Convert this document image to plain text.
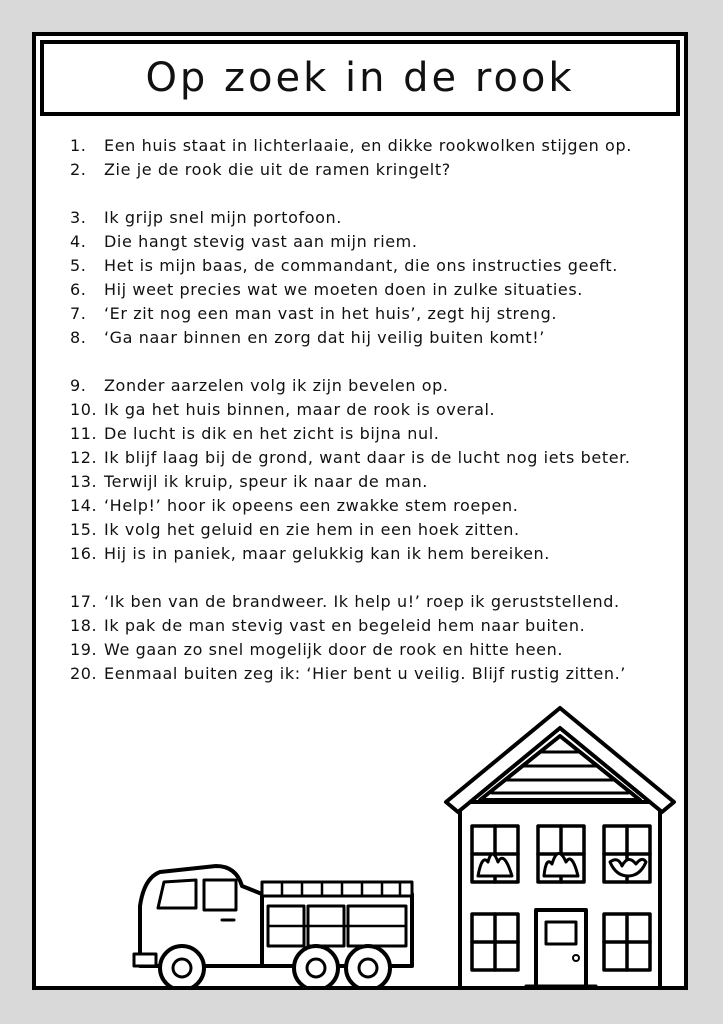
Op zoek in de rook
1.	Een huis staat in lichterlaaie, en dikke rookwolken stijgen op.
2.	Zie je de rook die uit de ramen kringelt?
3.	Ik grijp snel mijn portofoon.
4.	Die hangt stevig vast aan mijn riem.
5.	Het is mijn baas, de commandant, die ons instructies geeft.
6.	Hij weet precies wat we moeten doen in zulke situaties.
7.	‘Er zit nog een man vast in het huis’, zegt hij streng.
8.	‘Ga naar binnen en zorg dat hij veilig buiten komt!’
9.	Zonder aarzelen volg ik zijn bevelen op.
10. Ik ga het huis binnen, maar de rook is overal.
11. De lucht is dik en het zicht is bijna nul.
12. Ik blijf laag bij de grond, want daar is de lucht nog iets beter.
13. Terwijl ik kruip, speur ik naar de man.
14. ‘Help!’ hoor ik opeens een zwakke stem roepen.
15. Ik volg het geluid en zie hem in een hoek zitten.
16. Hij is in paniek, maar gelukkig kan ik hem bereiken.
17. ‘Ik ben van de brandweer. Ik help u!’ roep ik geruststellend.
18. Ik pak de man stevig vast en begeleid hem naar buiten.
19. We gaan zo snel mogelijk door de rook en hitte heen.
20. Eenmaal buiten zeg ik: ‘Hier bent u veilig. Blijf rustig zitten.’
